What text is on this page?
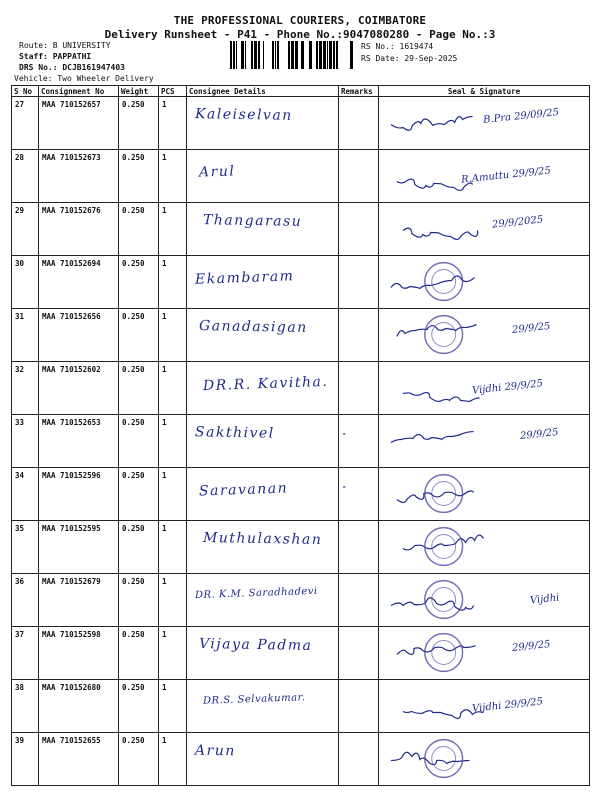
THE PROFESSIONAL COURIERS, COIMBATORE
Delivery Runsheet - P41 - Phone No.:9047080280 - Page No.:3
Route: B UNIVERSITY
Staff: PAPPATHI
DRS No.: DCJB161947403
Vehicle: Two Wheeler Delivery
RS No.: 1619474
RS Date: 29-Sep-2025
S No	Consignment No	Weight	PCS	Consignee Details	Remarks	Seal & Signature
27	MAA 710152657	0.250	1	Kaleiselvan		B.Pra 29/09/25

28	MAA 710152673	0.250	1	Arul		R.Amuttu 29/9/25

29	MAA 710152676	0.250	1	Thangarasu		29/9/2025

30	MAA 710152694	0.250	1	Ekambaram

31	MAA 710152656	0.250	1	Ganadasigan		29/9/25

32	MAA 710152602	0.250	1	DR.R. Kavitha.		Vijdhi 29/9/25

33	MAA 710152653	0.250	1	Sakthivel	-	29/9/25

34	MAA 710152596	0.250	1	Saravanan	-	

35	MAA 710152595	0.250	1	Muthulaxshan

36	MAA 710152679	0.250	1	DR. K.M. Saradhadevi		Vijdhi

37	MAA 710152598	0.250	1	Vijaya Padma		29/9/25

38	MAA 710152680	0.250	1	DR.S. Selvakumar.		Vijdhi 29/9/25

39	MAA 710152655	0.250	1	Arun
